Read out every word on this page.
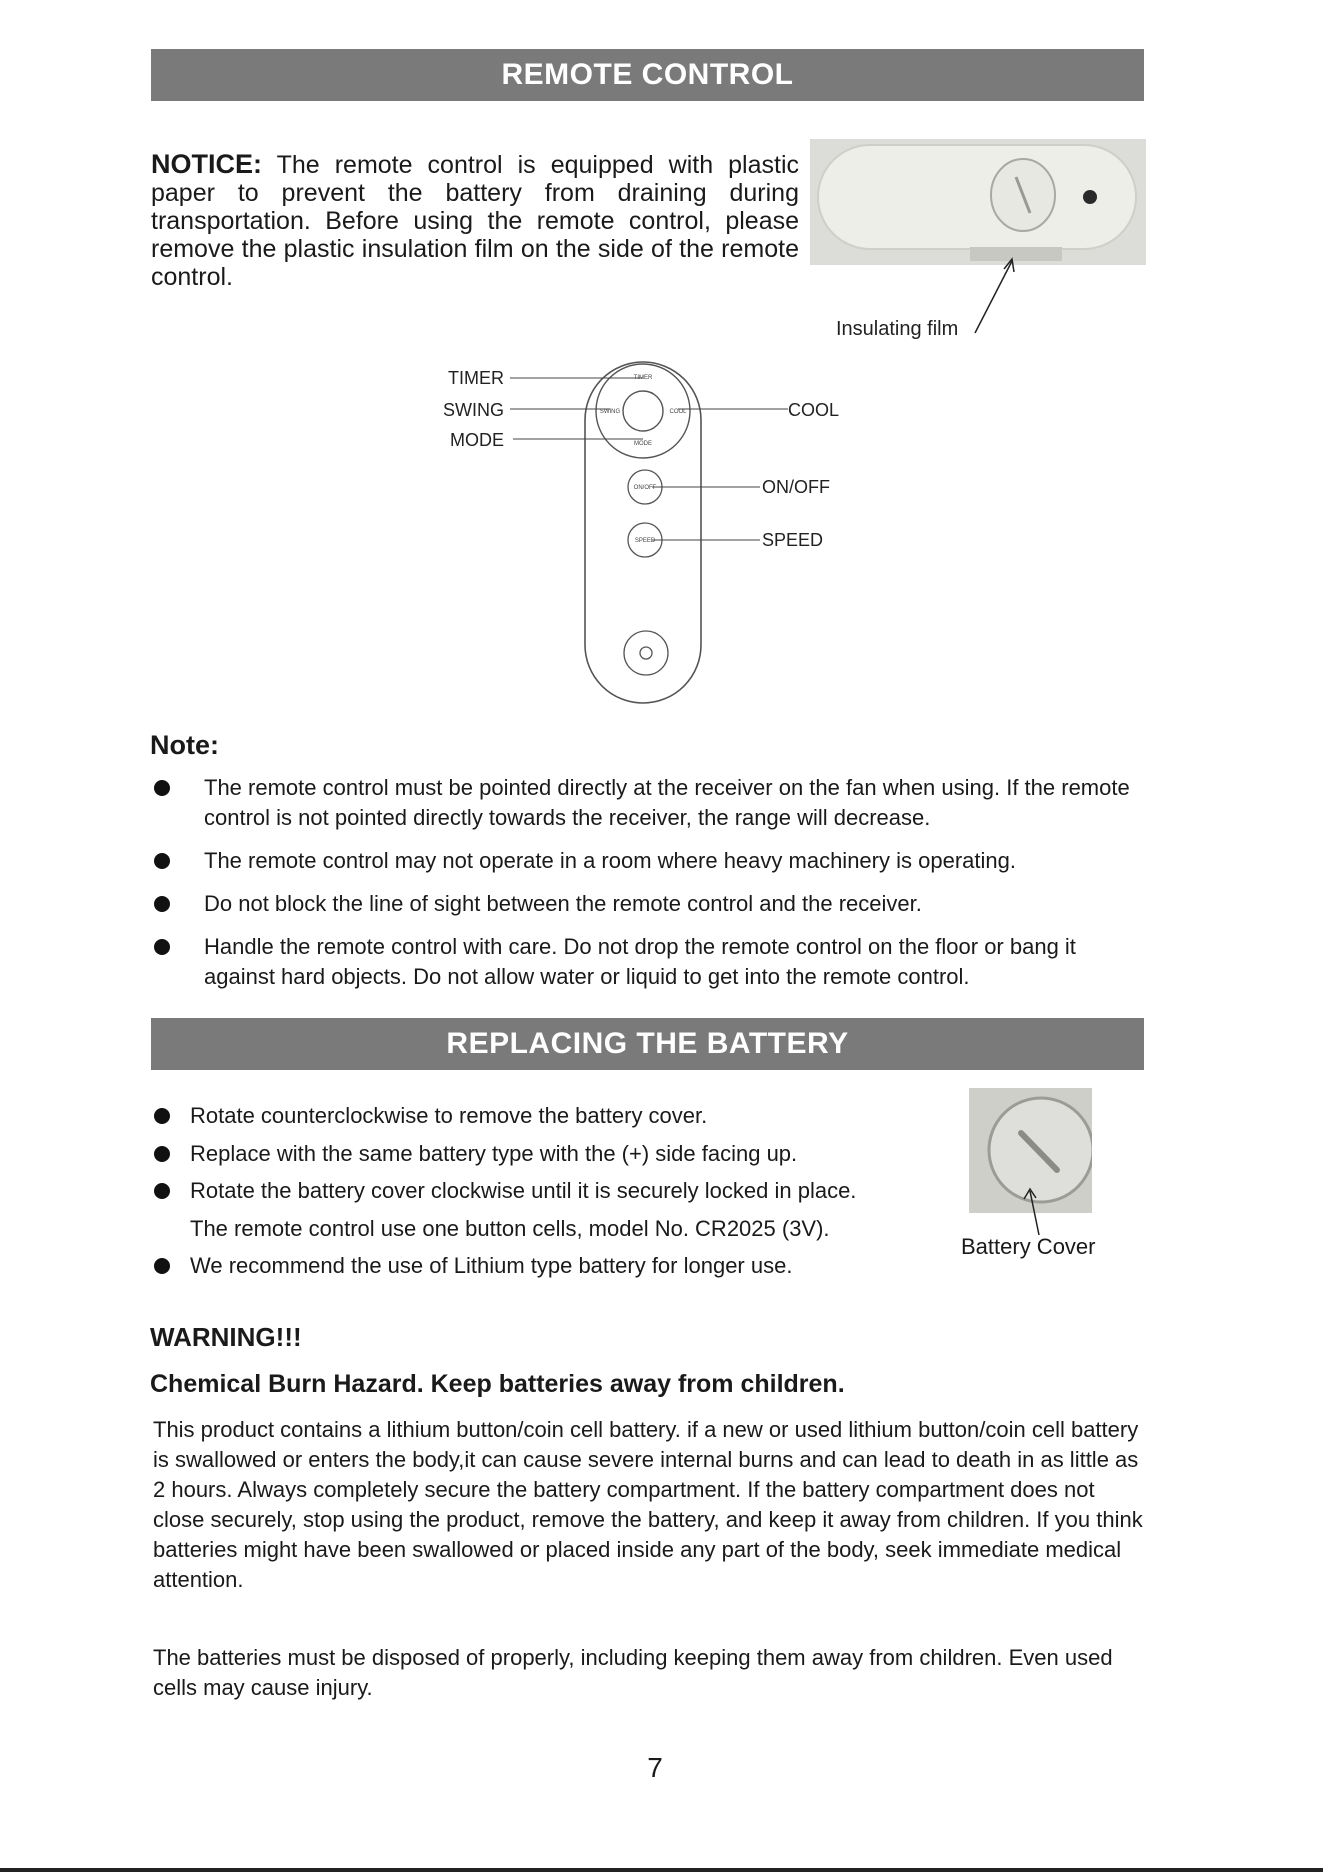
REMOTE CONTROL
NOTICE: The remote control is equipped with plastic paper to prevent the battery from draining during transportation. Before using the remote control, please remove the plastic insulation film on the side of the remote control.
Insulating film
TIMER
SWING	COOL
MODE
ON/OFF
SPEED
TIMER
SWING
MODE
COOL
ON/OFF
SPEED
Note:
The remote control must be pointed directly at the receiver on the fan when using. If the remote control is not pointed directly towards the receiver, the range will decrease.
The remote control may not operate in a room where heavy machinery is operating.
Do not block the line of sight between the remote control and the receiver.
Handle the remote control with care. Do not drop the remote control on the floor or bang it against hard objects. Do not allow water or liquid to get into the remote control.
REPLACING THE BATTERY
Rotate counterclockwise to remove the battery cover.
Replace with the same battery type with the (+) side facing up.
Rotate the battery cover clockwise until it is securely locked in place.
The remote control use one button cells, model No. CR2025 (3V).
We recommend the use of Lithium type battery for longer use.
Battery Cover
WARNING!!!
Chemical Burn Hazard. Keep batteries away from children.
This product contains a lithium button/coin cell battery. if a new or used lithium button/coin cell battery is swallowed or enters the body,it can cause severe internal burns and can lead to death in as little as 2 hours. Always completely secure the battery compartment. If the battery compartment does not close securely, stop using the product, remove the battery, and keep it away from children. If you think batteries might have been swallowed or placed inside any part of the body, seek immediate medical attention.
The batteries must be disposed of properly, including keeping them away from children. Even used cells may cause injury.
7
